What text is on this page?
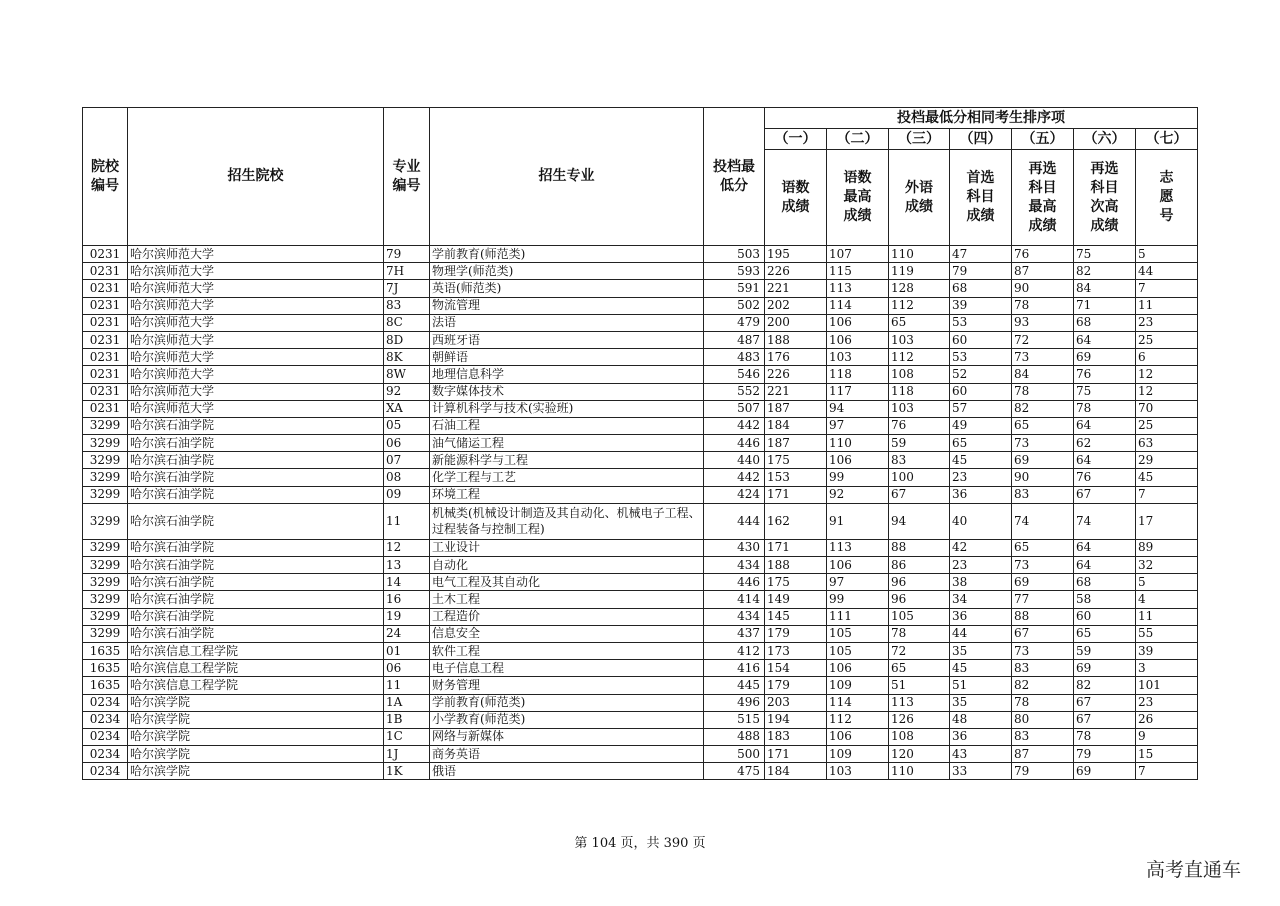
院校编号	招生院校	专业编号	招生专业	投档最低分	投档最低分相同考生排序项						
					（一）	（二）	（三）	（四）	（五）	（六）	（七）
					语数成绩	语数最高成绩	外语成绩	首选科目成绩	再选科目最高成绩	再选科目次高成绩	志愿号
0231	哈尔滨师范大学	79	学前教育(师范类)	503	195	107	110	47	76	75	5
0231	哈尔滨师范大学	7H	物理学(师范类)	593	226	115	119	79	87	82	44
0231	哈尔滨师范大学	7J	英语(师范类)	591	221	113	128	68	90	84	7
0231	哈尔滨师范大学	83	物流管理	502	202	114	112	39	78	71	11
0231	哈尔滨师范大学	8C	法语	479	200	106	65	53	93	68	23
0231	哈尔滨师范大学	8D	西班牙语	487	188	106	103	60	72	64	25
0231	哈尔滨师范大学	8K	朝鲜语	483	176	103	112	53	73	69	6
0231	哈尔滨师范大学	8W	地理信息科学	546	226	118	108	52	84	76	12
0231	哈尔滨师范大学	92	数字媒体技术	552	221	117	118	60	78	75	12
0231	哈尔滨师范大学	XA	计算机科学与技术(实验班)	507	187	94	103	57	82	78	70
3299	哈尔滨石油学院	05	石油工程	442	184	97	76	49	65	64	25
3299	哈尔滨石油学院	06	油气储运工程	446	187	110	59	65	73	62	63
3299	哈尔滨石油学院	07	新能源科学与工程	440	175	106	83	45	69	64	29
3299	哈尔滨石油学院	08	化学工程与工艺	442	153	99	100	23	90	76	45
3299	哈尔滨石油学院	09	环境工程	424	171	92	67	36	83	67	7
3299	哈尔滨石油学院	11	机械类(机械设计制造及其自动化、机械电子工程、过程装备与控制工程)	444	162	91	94	40	74	74	17
3299	哈尔滨石油学院	12	工业设计	430	171	113	88	42	65	64	89
3299	哈尔滨石油学院	13	自动化	434	188	106	86	23	73	64	32
3299	哈尔滨石油学院	14	电气工程及其自动化	446	175	97	96	38	69	68	5
3299	哈尔滨石油学院	16	土木工程	414	149	99	96	34	77	58	4
3299	哈尔滨石油学院	19	工程造价	434	145	111	105	36	88	60	11
3299	哈尔滨石油学院	24	信息安全	437	179	105	78	44	67	65	55
1635	哈尔滨信息工程学院	01	软件工程	412	173	105	72	35	73	59	39
1635	哈尔滨信息工程学院	06	电子信息工程	416	154	106	65	45	83	69	3
1635	哈尔滨信息工程学院	11	财务管理	445	179	109	51	51	82	82	101
0234	哈尔滨学院	1A	学前教育(师范类)	496	203	114	113	35	78	67	23
0234	哈尔滨学院	1B	小学教育(师范类)	515	194	112	126	48	80	67	26
0234	哈尔滨学院	1C	网络与新媒体	488	183	106	108	36	83	78	9
0234	哈尔滨学院	1J	商务英语	500	171	109	120	43	87	79	15
0234	哈尔滨学院	1K	俄语	475	184	103	110	33	79	69	7
第 104 页，共 390 页
高考直通车
